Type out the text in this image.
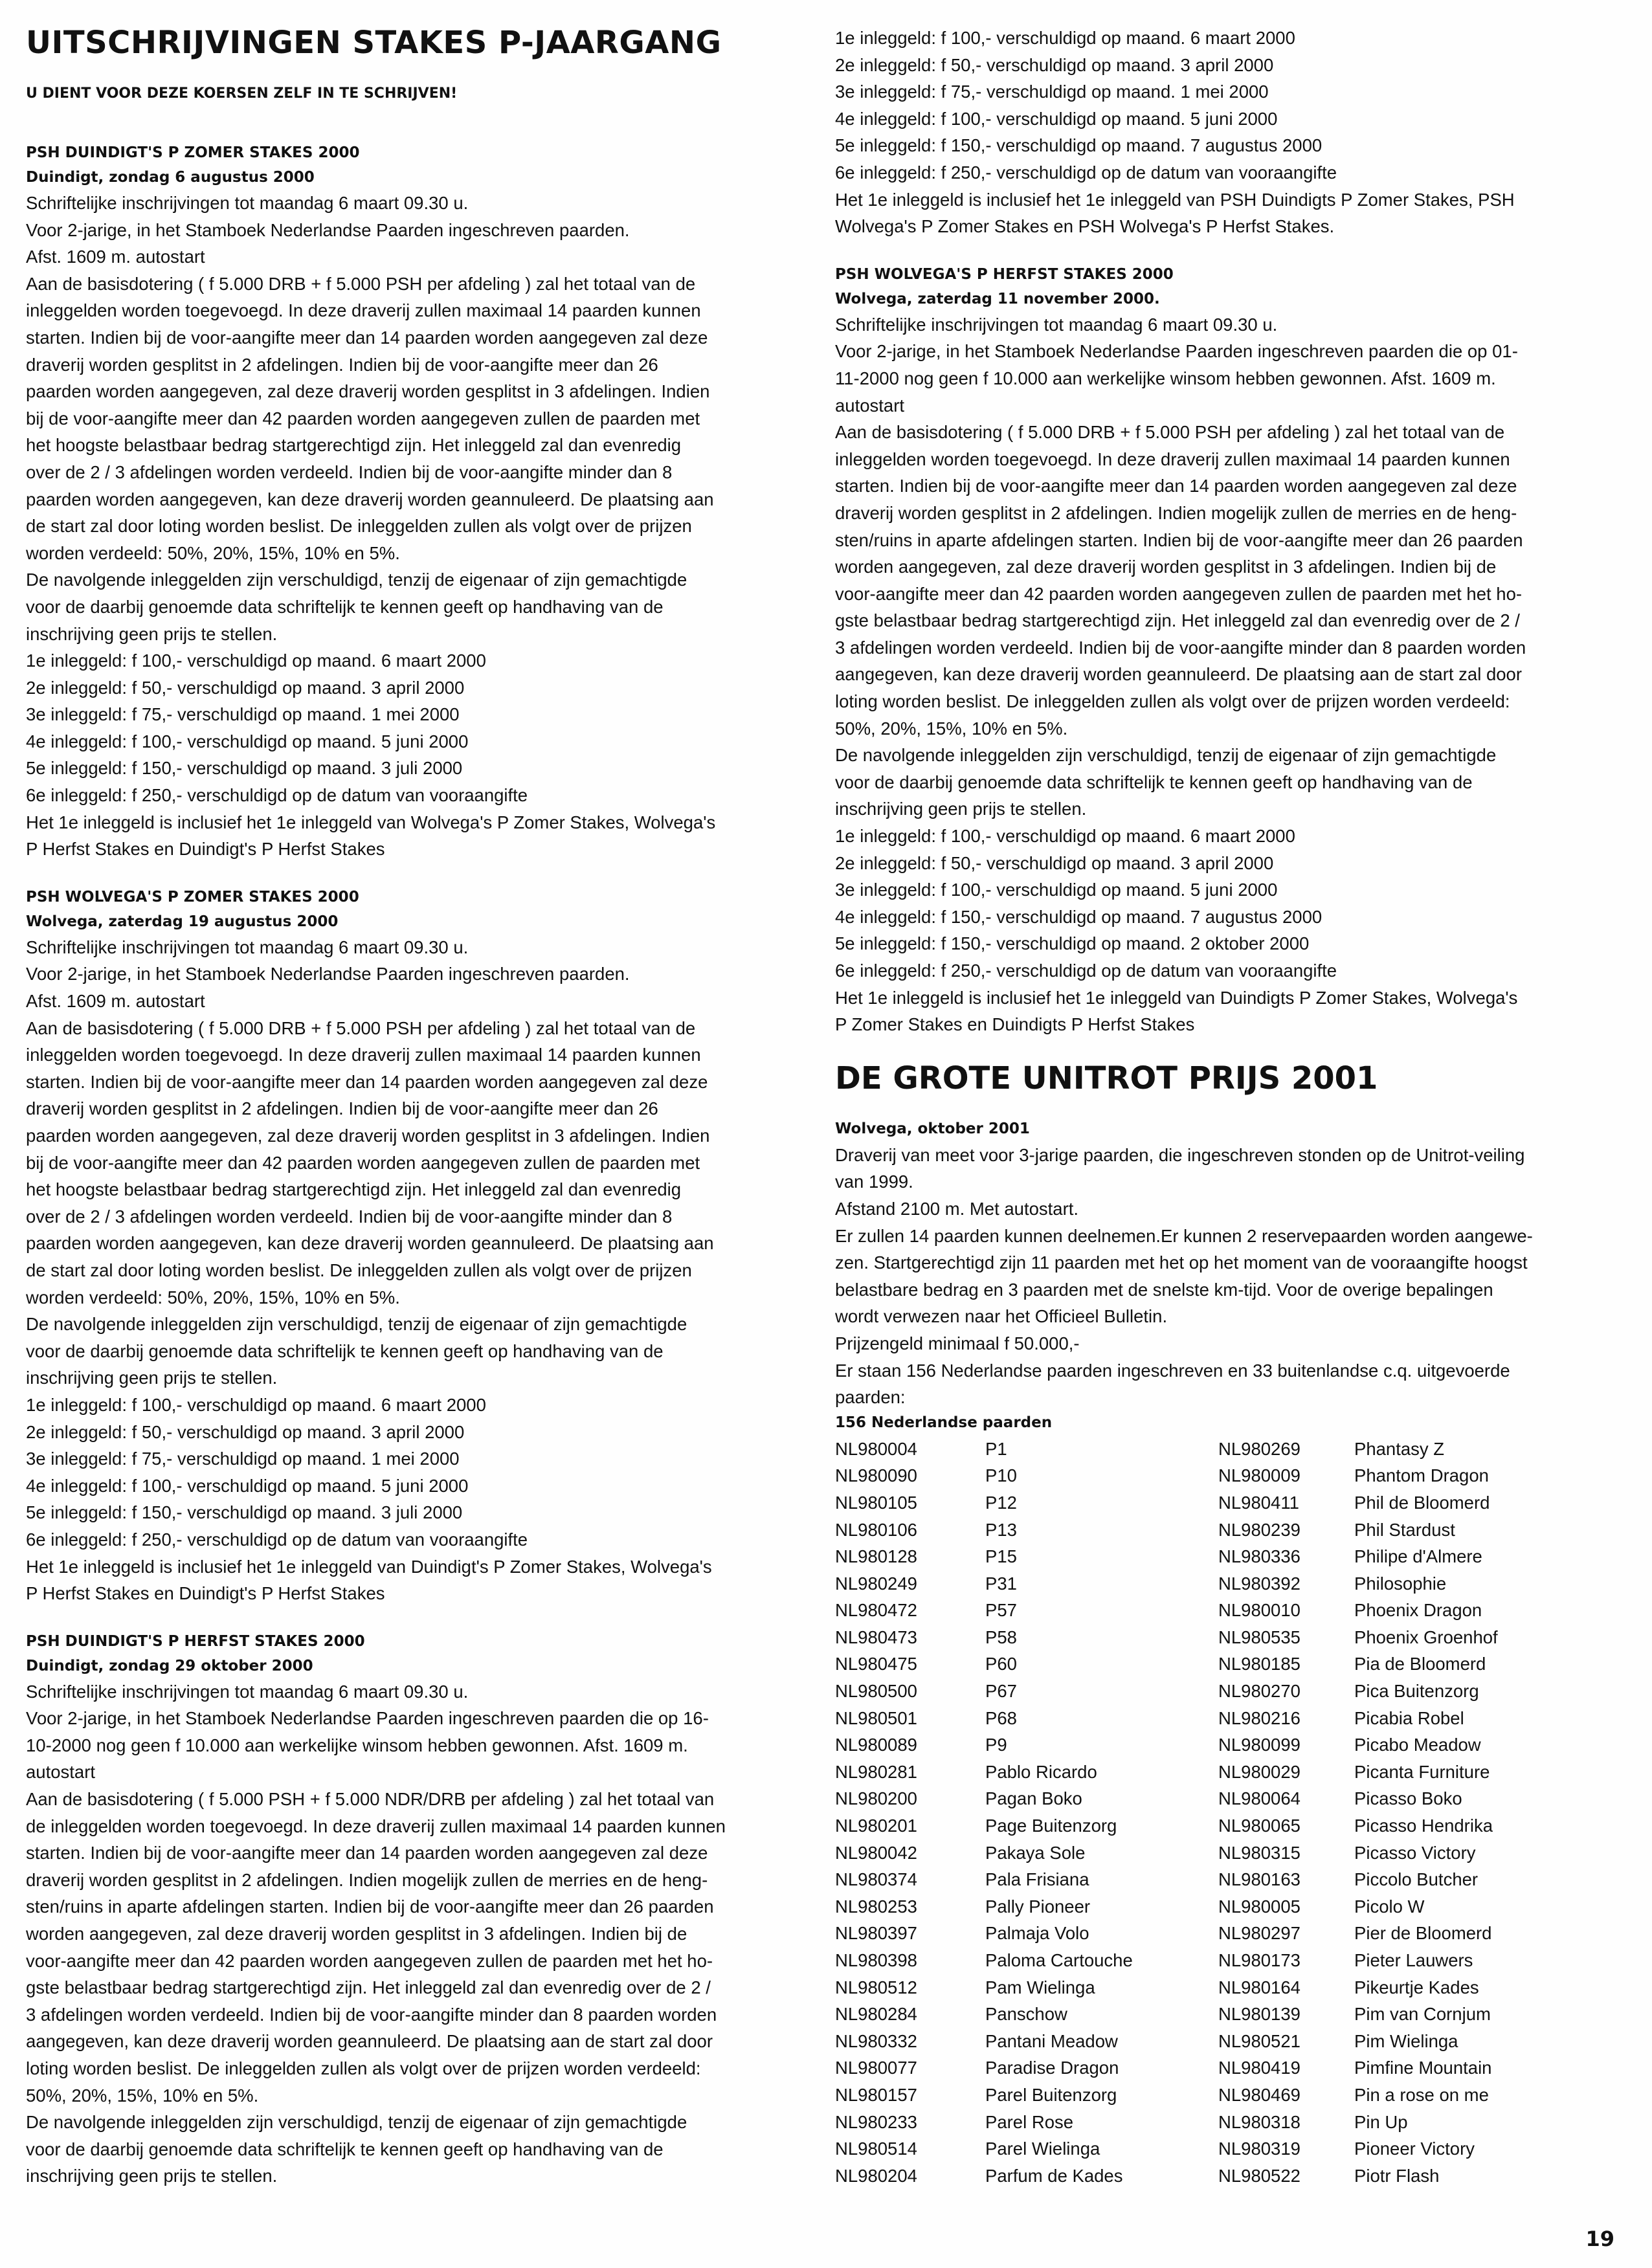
UITSCHRIJVINGEN STAKES P-JAARGANG

U DIENT VOOR DEZE KOERSEN ZELF IN TE SCHRIJVEN!

PSH DUINDIGT'S P ZOMER STAKES 2000

Duindigt, zondag 6 augustus 2000

Schriftelijke inschrijvingen tot maandag 6 maart 09.30 u.

Voor 2-jarige, in het Stamboek Nederlandse Paarden ingeschreven paarden.

Afst. 1609 m. autostart

Aan de basisdotering ( f 5.000 DRB + f 5.000 PSH per afdeling ) zal het totaal van de

inleggelden worden toegevoegd. In deze draverij zullen maximaal 14 paarden kunnen

starten. Indien bij de voor-aangifte meer dan 14 paarden worden aangegeven zal deze

draverij worden gesplitst in 2 afdelingen. Indien bij de voor-aangifte meer dan 26

paarden worden aangegeven, zal deze draverij worden gesplitst in 3 afdelingen. Indien

bij de voor-aangifte meer dan 42 paarden worden aangegeven zullen de paarden met

het hoogste belastbaar bedrag startgerechtigd zijn. Het inleggeld zal dan evenredig

over de 2 / 3 afdelingen worden verdeeld. Indien bij de voor-aangifte minder dan 8

paarden worden aangegeven, kan deze draverij worden geannuleerd. De plaatsing aan

de start zal door loting worden beslist. De inleggelden zullen als volgt over de prijzen

worden verdeeld: 50%, 20%, 15%, 10% en 5%.

De navolgende inleggelden zijn verschuldigd, tenzij de eigenaar of zijn gemachtigde

voor de daarbij genoemde data schriftelijk te kennen geeft op handhaving van de

inschrijving geen prijs te stellen.

1e inleggeld: f 100,- verschuldigd op maand. 6 maart 2000

2e inleggeld: f 50,- verschuldigd op maand. 3 april 2000

3e inleggeld: f 75,- verschuldigd op maand. 1 mei 2000

4e inleggeld: f 100,- verschuldigd op maand. 5 juni 2000

5e inleggeld: f 150,- verschuldigd op maand. 3 juli 2000

6e inleggeld: f 250,- verschuldigd op de datum van vooraangifte

Het 1e inleggeld is inclusief het 1e inleggeld van Wolvega's P Zomer Stakes, Wolvega's

P Herfst Stakes en Duindigt's P Herfst Stakes

PSH WOLVEGA'S P ZOMER STAKES 2000

Wolvega, zaterdag 19 augustus 2000

Schriftelijke inschrijvingen tot maandag 6 maart 09.30 u.

Voor 2-jarige, in het Stamboek Nederlandse Paarden ingeschreven paarden.

Afst. 1609 m. autostart

Aan de basisdotering ( f 5.000 DRB + f 5.000 PSH per afdeling ) zal het totaal van de

inleggelden worden toegevoegd. In deze draverij zullen maximaal 14 paarden kunnen

starten. Indien bij de voor-aangifte meer dan 14 paarden worden aangegeven zal deze

draverij worden gesplitst in 2 afdelingen. Indien bij de voor-aangifte meer dan 26

paarden worden aangegeven, zal deze draverij worden gesplitst in 3 afdelingen. Indien

bij de voor-aangifte meer dan 42 paarden worden aangegeven zullen de paarden met

het hoogste belastbaar bedrag startgerechtigd zijn. Het inleggeld zal dan evenredig

over de 2 / 3 afdelingen worden verdeeld. Indien bij de voor-aangifte minder dan 8

paarden worden aangegeven, kan deze draverij worden geannuleerd. De plaatsing aan

de start zal door loting worden beslist. De inleggelden zullen als volgt over de prijzen

worden verdeeld: 50%, 20%, 15%, 10% en 5%.

De navolgende inleggelden zijn verschuldigd, tenzij de eigenaar of zijn gemachtigde

voor de daarbij genoemde data schriftelijk te kennen geeft op handhaving van de

inschrijving geen prijs te stellen.

1e inleggeld: f 100,- verschuldigd op maand. 6 maart 2000

2e inleggeld: f 50,- verschuldigd op maand. 3 april 2000

3e inleggeld: f 75,- verschuldigd op maand. 1 mei 2000

4e inleggeld: f 100,- verschuldigd op maand. 5 juni 2000

5e inleggeld: f 150,- verschuldigd op maand. 3 juli 2000

6e inleggeld: f 250,- verschuldigd op de datum van vooraangifte

Het 1e inleggeld is inclusief het 1e inleggeld van Duindigt's P Zomer Stakes, Wolvega's

P Herfst Stakes en Duindigt's P Herfst Stakes

PSH DUINDIGT'S P HERFST STAKES 2000

Duindigt, zondag 29 oktober 2000

Schriftelijke inschrijvingen tot maandag 6 maart 09.30 u.

Voor 2-jarige, in het Stamboek Nederlandse Paarden ingeschreven paarden die op 16-

10-2000 nog geen f 10.000 aan werkelijke winsom hebben gewonnen. Afst. 1609 m.

autostart

Aan de basisdotering ( f 5.000 PSH + f 5.000 NDR/DRB per afdeling ) zal het totaal van

de inleggelden worden toegevoegd. In deze draverij zullen maximaal 14 paarden kunnen

starten. Indien bij de voor-aangifte meer dan 14 paarden worden aangegeven zal deze

draverij worden gesplitst in 2 afdelingen. Indien mogelijk zullen de merries en de heng-

sten/ruins in aparte afdelingen starten. Indien bij de voor-aangifte meer dan 26 paarden

worden aangegeven, zal deze draverij worden gesplitst in 3 afdelingen. Indien bij de

voor-aangifte meer dan 42 paarden worden aangegeven zullen de paarden met het ho-

gste belastbaar bedrag startgerechtigd zijn. Het inleggeld zal dan evenredig over de 2 /

3 afdelingen worden verdeeld. Indien bij de voor-aangifte minder dan 8 paarden worden

aangegeven, kan deze draverij worden geannuleerd. De plaatsing aan de start zal door

loting worden beslist. De inleggelden zullen als volgt over de prijzen worden verdeeld:

50%, 20%, 15%, 10% en 5%.

De navolgende inleggelden zijn verschuldigd, tenzij de eigenaar of zijn gemachtigde

voor de daarbij genoemde data schriftelijk te kennen geeft op handhaving van de

inschrijving geen prijs te stellen.

1e inleggeld: f 100,- verschuldigd op maand. 6 maart 2000

2e inleggeld: f 50,- verschuldigd op maand. 3 april 2000

3e inleggeld: f 75,- verschuldigd op maand. 1 mei 2000

4e inleggeld: f 100,- verschuldigd op maand. 5 juni 2000

5e inleggeld: f 150,- verschuldigd op maand. 7 augustus 2000

6e inleggeld: f 250,- verschuldigd op de datum van vooraangifte

Het 1e inleggeld is inclusief het 1e inleggeld van PSH Duindigts P Zomer Stakes, PSH

Wolvega's P Zomer Stakes en PSH Wolvega's P Herfst Stakes.

PSH WOLVEGA'S P HERFST STAKES 2000

Wolvega, zaterdag 11 november 2000.

Schriftelijke inschrijvingen tot maandag 6 maart 09.30 u.

Voor 2-jarige, in het Stamboek Nederlandse Paarden ingeschreven paarden die op 01-

11-2000 nog geen f 10.000 aan werkelijke winsom hebben gewonnen. Afst. 1609 m.

autostart

Aan de basisdotering ( f 5.000 DRB + f 5.000 PSH per afdeling ) zal het totaal van de

inleggelden worden toegevoegd. In deze draverij zullen maximaal 14 paarden kunnen

starten. Indien bij de voor-aangifte meer dan 14 paarden worden aangegeven zal deze

draverij worden gesplitst in 2 afdelingen. Indien mogelijk zullen de merries en de heng-

sten/ruins in aparte afdelingen starten. Indien bij de voor-aangifte meer dan 26 paarden

worden aangegeven, zal deze draverij worden gesplitst in 3 afdelingen. Indien bij de

voor-aangifte meer dan 42 paarden worden aangegeven zullen de paarden met het ho-

gste belastbaar bedrag startgerechtigd zijn. Het inleggeld zal dan evenredig over de 2 /

3 afdelingen worden verdeeld. Indien bij de voor-aangifte minder dan 8 paarden worden

aangegeven, kan deze draverij worden geannuleerd. De plaatsing aan de start zal door

loting worden beslist. De inleggelden zullen als volgt over de prijzen worden verdeeld:

50%, 20%, 15%, 10% en 5%.

De navolgende inleggelden zijn verschuldigd, tenzij de eigenaar of zijn gemachtigde

voor de daarbij genoemde data schriftelijk te kennen geeft op handhaving van de

inschrijving geen prijs te stellen.

1e inleggeld: f 100,- verschuldigd op maand. 6 maart 2000

2e inleggeld: f 50,- verschuldigd op maand. 3 april 2000

3e inleggeld: f 100,- verschuldigd op maand. 5 juni 2000

4e inleggeld: f 150,- verschuldigd op maand. 7 augustus 2000

5e inleggeld: f 150,- verschuldigd op maand. 2 oktober 2000

6e inleggeld: f 250,- verschuldigd op de datum van vooraangifte

Het 1e inleggeld is inclusief het 1e inleggeld van Duindigts P Zomer Stakes, Wolvega's

P Zomer Stakes en Duindigts P Herfst Stakes

DE GROTE UNITROT PRIJS 2001

Wolvega, oktober 2001

Draverij van meet voor 3-jarige paarden, die ingeschreven stonden op de Unitrot-veiling

van 1999.

Afstand 2100 m. Met autostart.

Er zullen 14 paarden kunnen deelnemen.Er kunnen 2 reservepaarden worden aangewe-

zen. Startgerechtigd zijn 11 paarden met het op het moment van de vooraangifte hoogst

belastbare bedrag en 3 paarden met de snelste km-tijd. Voor de overige bepalingen

wordt verwezen naar het Officieel Bulletin.

Prijzengeld minimaal f 50.000,-

Er staan 156 Nederlandse paarden ingeschreven en 33 buitenlandse c.q. uitgevoerde

paarden:

156 Nederlandse paarden

NL980004	P1	NL980269	Phantasy Z
NL980090	P10	NL980009	Phantom Dragon
NL980105	P12	NL980411	Phil de Bloomerd
NL980106	P13	NL980239	Phil Stardust
NL980128	P15	NL980336	Philipe d'Almere
NL980249	P31	NL980392	Philosophie
NL980472	P57	NL980010	Phoenix Dragon
NL980473	P58	NL980535	Phoenix Groenhof
NL980475	P60	NL980185	Pia de Bloomerd
NL980500	P67	NL980270	Pica Buitenzorg
NL980501	P68	NL980216	Picabia Robel
NL980089	P9	NL980099	Picabo Meadow
NL980281	Pablo Ricardo	NL980029	Picanta Furniture
NL980200	Pagan Boko	NL980064	Picasso Boko
NL980201	Page Buitenzorg	NL980065	Picasso Hendrika
NL980042	Pakaya Sole	NL980315	Picasso Victory
NL980374	Pala Frisiana	NL980163	Piccolo Butcher
NL980253	Pally Pioneer	NL980005	Picolo W
NL980397	Palmaja Volo	NL980297	Pier de Bloomerd
NL980398	Paloma Cartouche	NL980173	Pieter Lauwers
NL980512	Pam Wielinga	NL980164	Pikeurtje Kades
NL980284	Panschow	NL980139	Pim van Cornjum
NL980332	Pantani Meadow	NL980521	Pim Wielinga
NL980077	Paradise Dragon	NL980419	Pimfine Mountain
NL980157	Parel Buitenzorg	NL980469	Pin a rose on me
NL980233	Parel Rose	NL980318	Pin Up
NL980514	Parel Wielinga	NL980319	Pioneer Victory
NL980204	Parfum de Kades	NL980522	Piotr Flash
19
